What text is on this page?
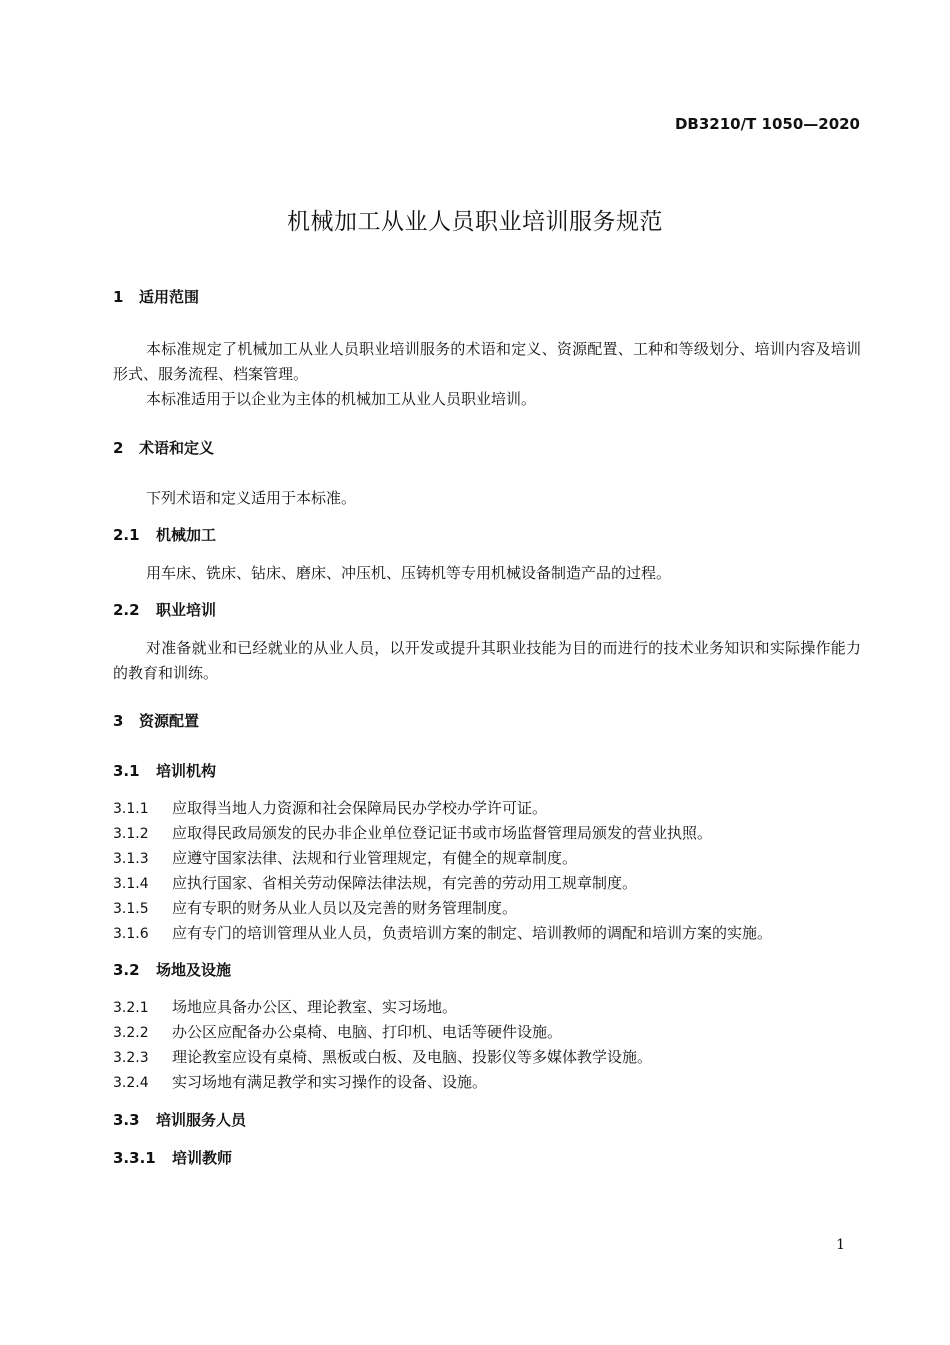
DB3210/T 1050—2020
机械加工从业人员职业培训服务规范
1 适用范围
本标准规定了机械加工从业人员职业培训服务的术语和定义、资源配置、工种和等级划分、培训内容及培训形式、服务流程、档案管理。
本标准适用于以企业为主体的机械加工从业人员职业培训。
2 术语和定义
下列术语和定义适用于本标准。
2.1 机械加工
用车床、铣床、钻床、磨床、冲压机、压铸机等专用机械设备制造产品的过程。
2.2 职业培训
对准备就业和已经就业的从业人员，以开发或提升其职业技能为目的而进行的技术业务知识和实际操作能力的教育和训练。
3 资源配置
3.1 培训机构
3.1.1 应取得当地人力资源和社会保障局民办学校办学许可证。
3.1.2 应取得民政局颁发的民办非企业单位登记证书或市场监督管理局颁发的营业执照。
3.1.3 应遵守国家法律、法规和行业管理规定，有健全的规章制度。
3.1.4 应执行国家、省相关劳动保障法律法规，有完善的劳动用工规章制度。
3.1.5 应有专职的财务从业人员以及完善的财务管理制度。
3.1.6 应有专门的培训管理从业人员，负责培训方案的制定、培训教师的调配和培训方案的实施。
3.2 场地及设施
3.2.1 场地应具备办公区、理论教室、实习场地。
3.2.2 办公区应配备办公桌椅、电脑、打印机、电话等硬件设施。
3.2.3 理论教室应设有桌椅、黑板或白板、及电脑、投影仪等多媒体教学设施。
3.2.4 实习场地有满足教学和实习操作的设备、设施。
3.3 培训服务人员
3.3.1 培训教师
1
